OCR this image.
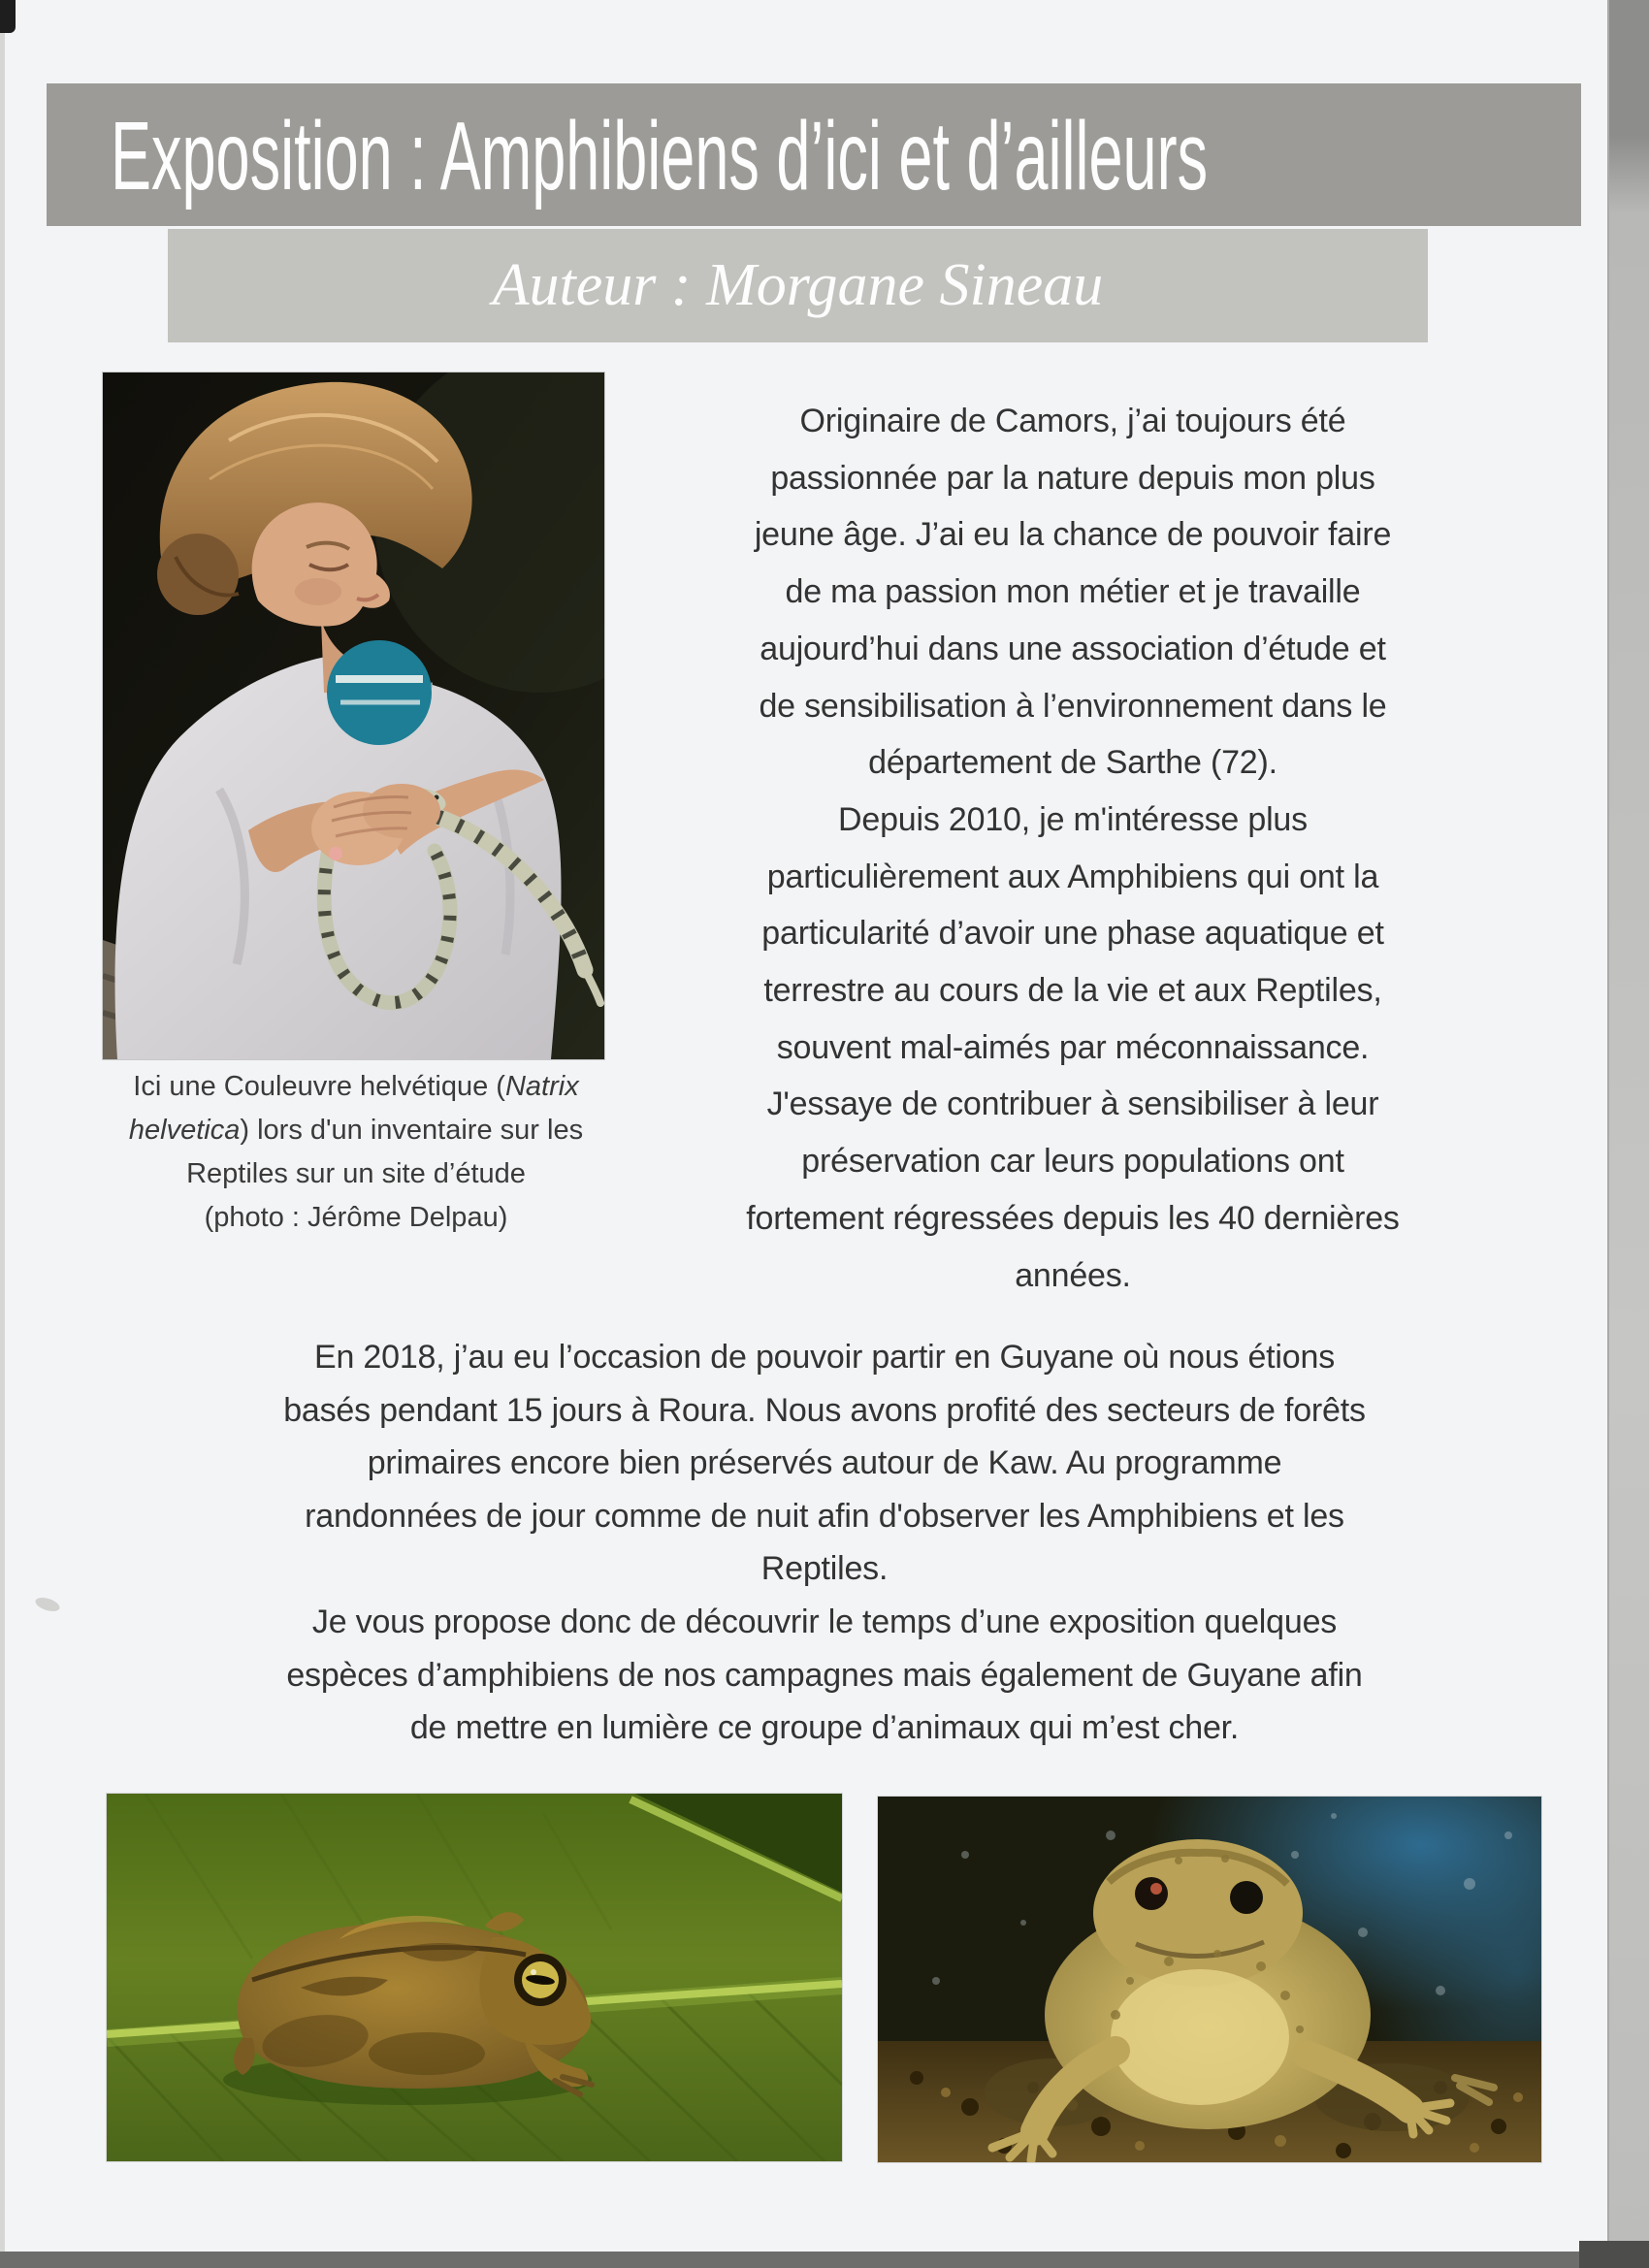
Exposition : Amphibiens d’ici et d’ailleurs
Auteur : Morgane Sineau
Ici une Couleuvre helvétique (Natrix
helvetica) lors d'un inventaire sur les
Reptiles sur un site d’étude
(photo : Jérôme Delpau)
Originaire de Camors, j’ai toujours été
passionnée par la nature depuis mon plus
jeune âge. J’ai eu la chance de pouvoir faire
de ma passion mon métier et je travaille
aujourd’hui dans une association d’étude et
de sensibilisation à l’environnement dans le
département de Sarthe (72).
Depuis 2010, je m'intéresse plus
particulièrement aux Amphibiens qui ont la
particularité d’avoir une phase aquatique et
terrestre au cours de la vie et aux Reptiles,
souvent mal-aimés par méconnaissance.
J'essaye de contribuer à sensibiliser à leur
préservation car leurs populations ont
fortement régressées depuis les 40 dernières
années.
En 2018, j’au eu l’occasion de pouvoir partir en Guyane où nous étions
basés pendant 15 jours à Roura. Nous avons profité des secteurs de forêts
primaires encore bien préservés autour de Kaw. Au programme
randonnées de jour comme de nuit afin d'observer les Amphibiens et les
Reptiles.
Je vous propose donc de découvrir le temps d’une exposition quelques
espèces d’amphibiens de nos campagnes mais également de Guyane afin
de mettre en lumière ce groupe d’animaux qui m’est cher.
